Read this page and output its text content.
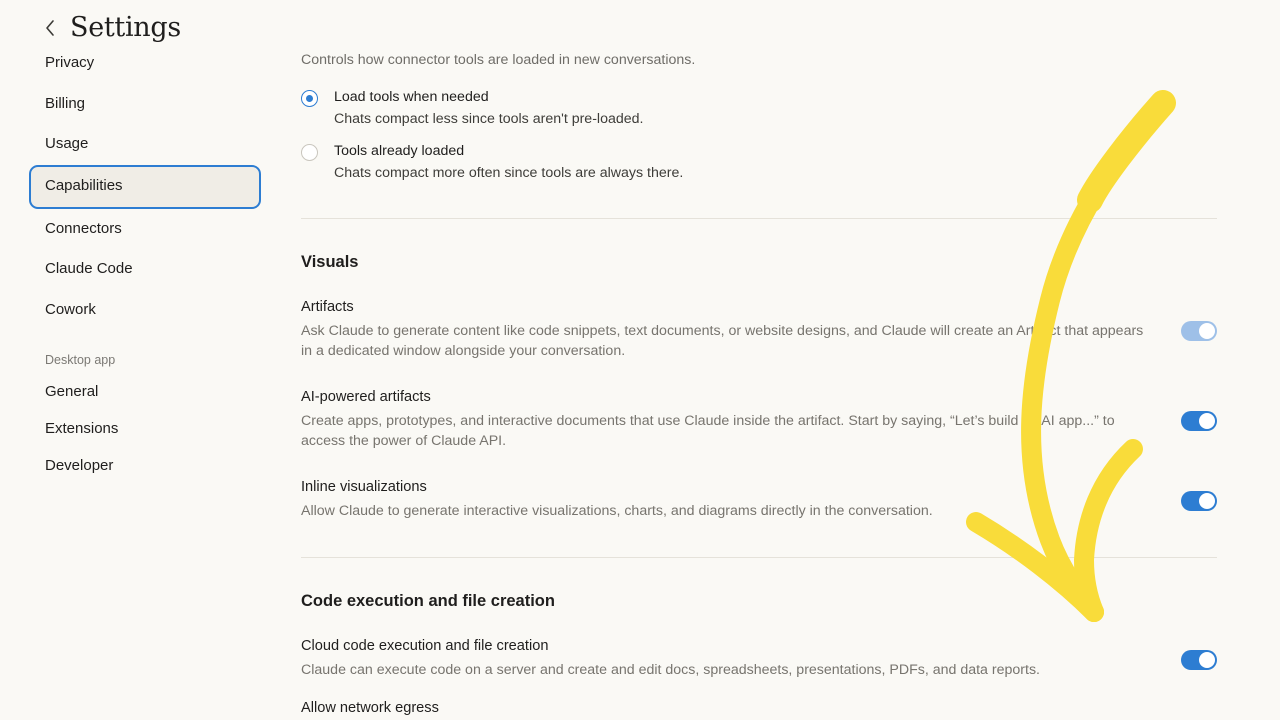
Settings
Privacy
Billing
Usage
Capabilities
Connectors
Claude Code
Cowork
Desktop app
General
Extensions
Developer
Controls how connector tools are loaded in new conversations.
Load tools when needed
Chats compact less since tools aren't pre-loaded.
Tools already loaded
Chats compact more often since tools are always there.
Visuals
Artifacts
Ask Claude to generate content like code snippets, text documents, or website designs, and Claude will create an Artifact that appears in a dedicated window alongside your conversation.
AI-powered artifacts
Create apps, prototypes, and interactive documents that use Claude inside the artifact. Start by saying, “Let’s build an AI app...” to access the power of Claude API.
Inline visualizations
Allow Claude to generate interactive visualizations, charts, and diagrams directly in the conversation.
Code execution and file creation
Cloud code execution and file creation
Claude can execute code on a server and create and edit docs, spreadsheets, presentations, PDFs, and data reports.
Allow network egress
